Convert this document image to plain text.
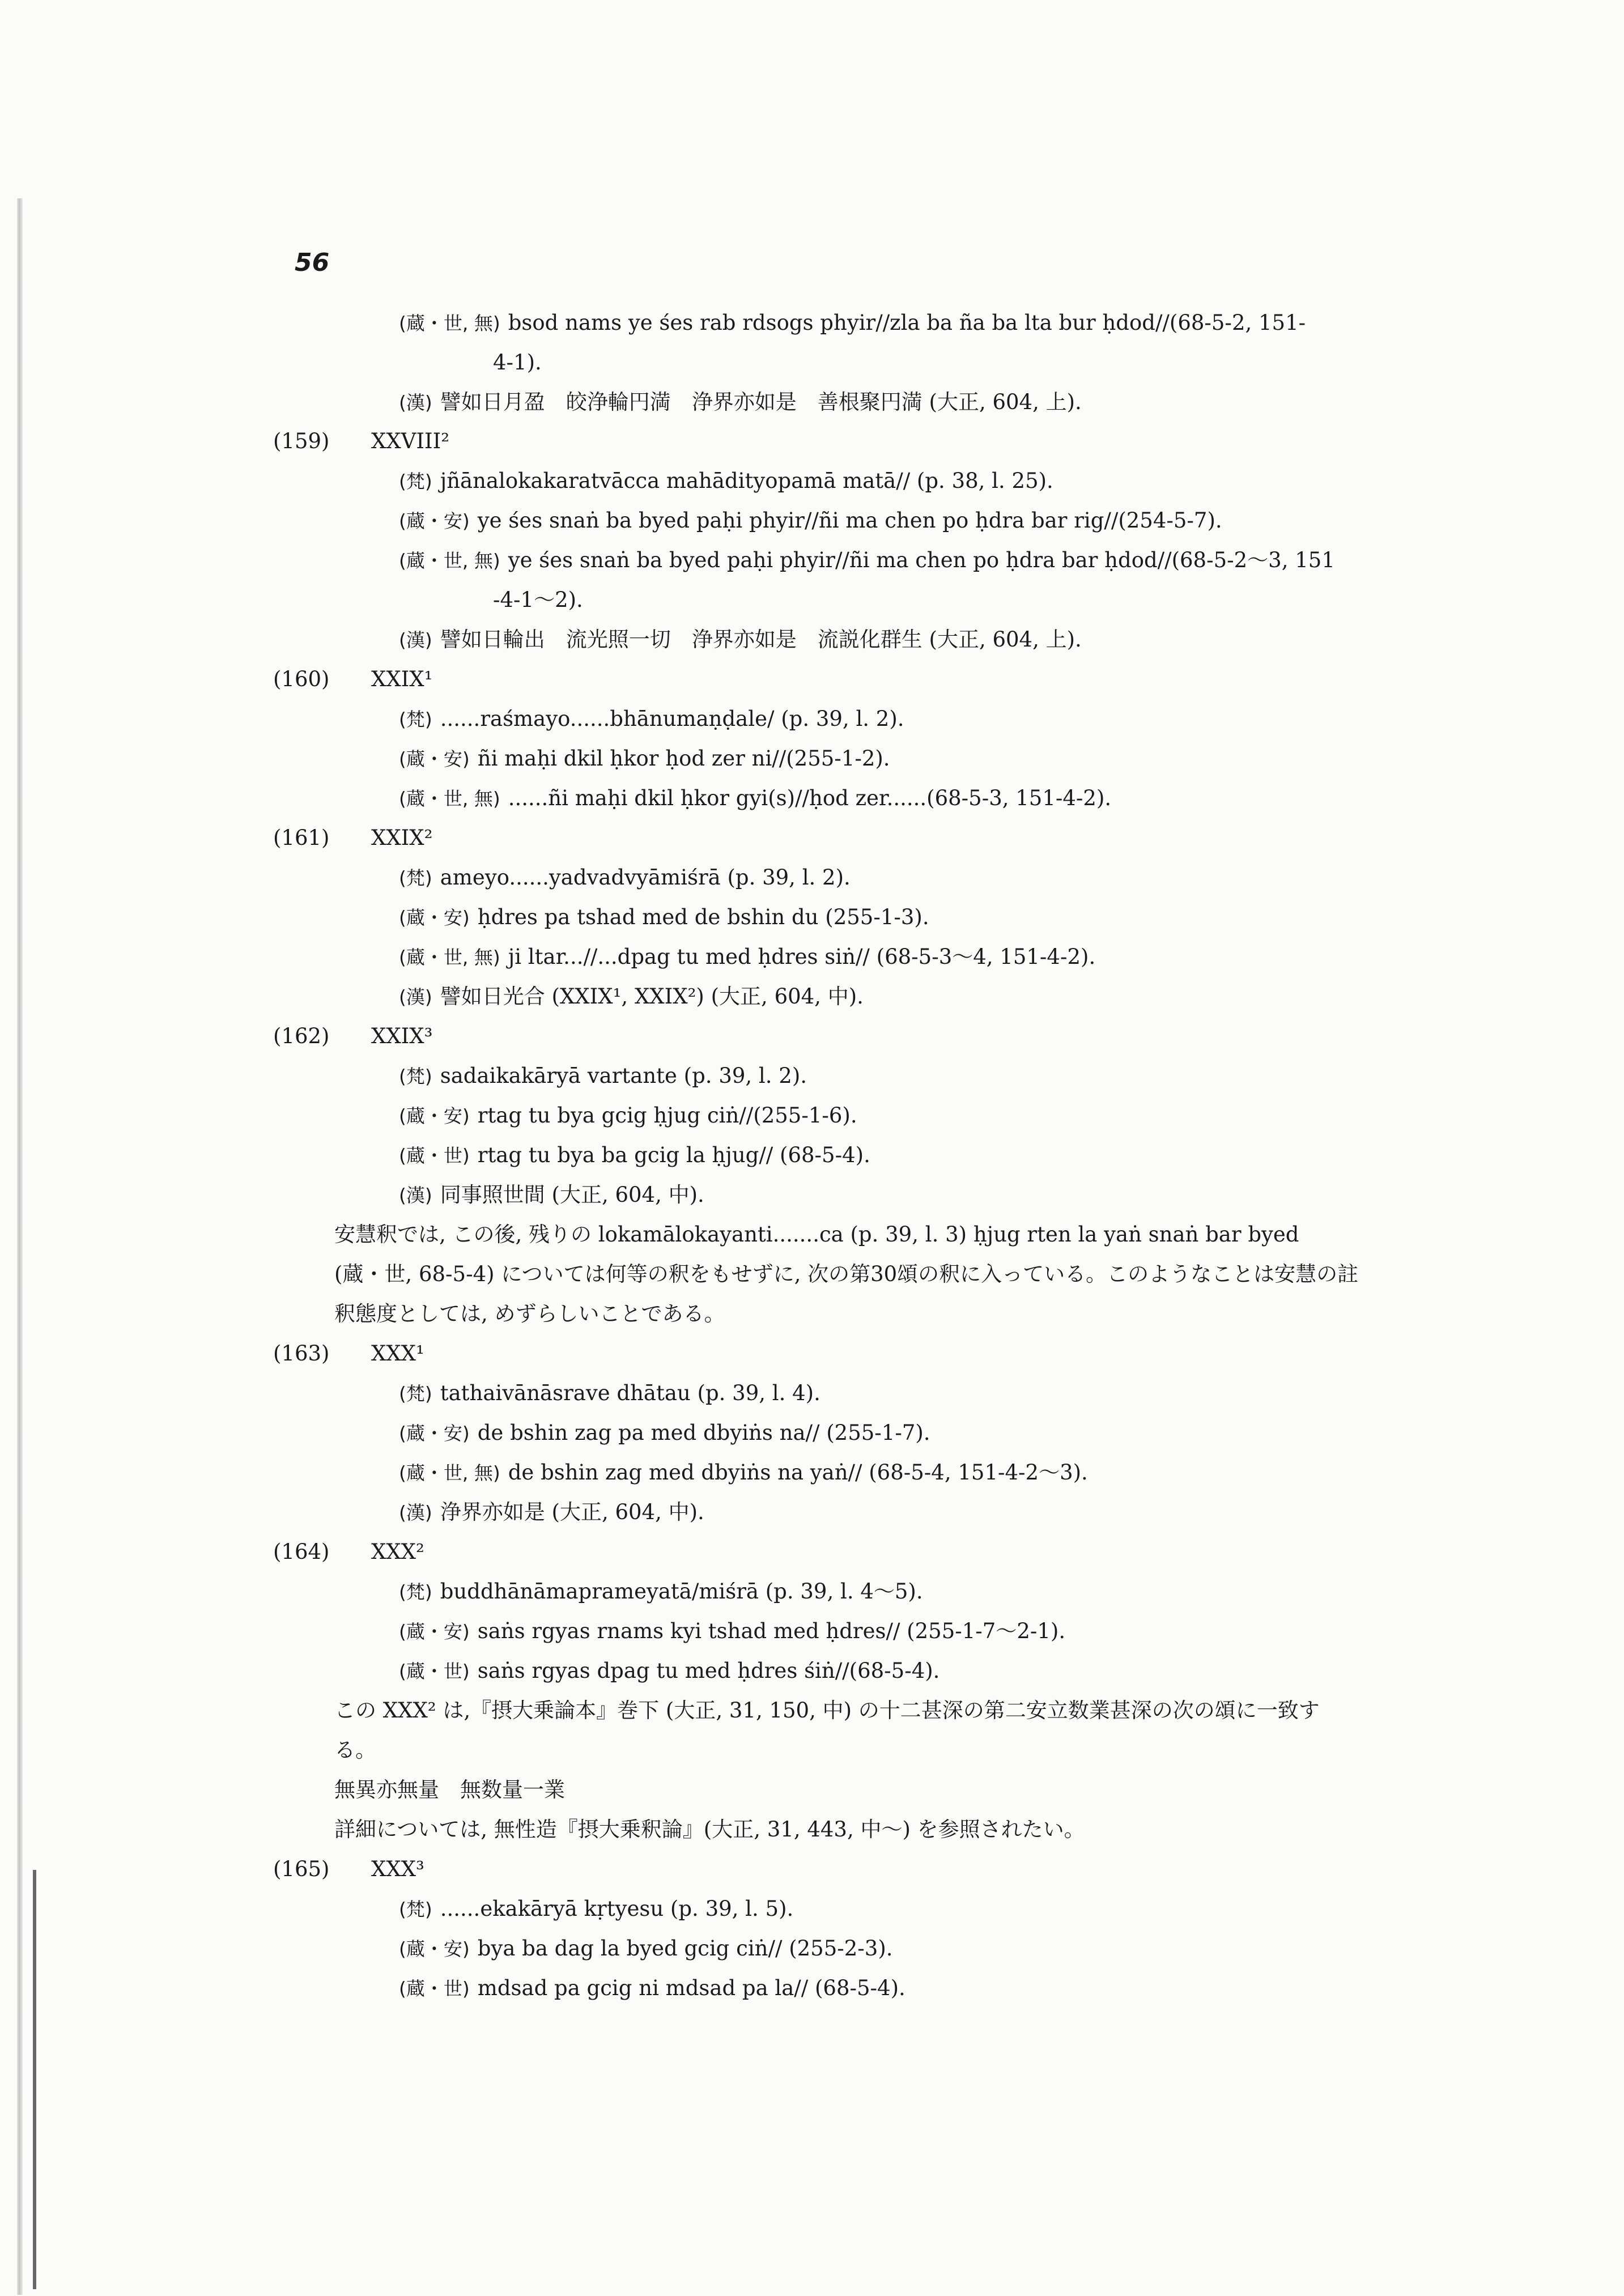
56
(蔵・世, 無) bsod nams ye śes rab rdsogs phyir//zla ba ña ba lta bur ḥdod//(68-5-2, 151-
4-1).
(漢) 譬如日月盈　皎浄輪円満　浄界亦如是　善根聚円満 (大正, 604, 上).
(159) XXVIII²
(梵) jñānalokakaratvācca mahādityopamā matā// (p. 38, l. 25).
(蔵・安) ye śes snaṅ ba byed paḥi phyir//ñi ma chen po ḥdra bar rig//(254-5-7).
(蔵・世, 無) ye śes snaṅ ba byed paḥi phyir//ñi ma chen po ḥdra bar ḥdod//(68-5-2〜3, 151
-4-1〜2).
(漢) 譬如日輪出　流光照一切　浄界亦如是　流説化群生 (大正, 604, 上).
(160) XXIX¹
(梵) ......raśmayo......bhānumaṇḍale/ (p. 39, l. 2).
(蔵・安) ñi maḥi dkil ḥkor ḥod zer ni//(255-1-2).
(蔵・世, 無) ......ñi maḥi dkil ḥkor gyi(s)//ḥod zer......(68-5-3, 151-4-2).
(161) XXIX²
(梵) ameyo......yadvadvyāmiśrā (p. 39, l. 2).
(蔵・安) ḥdres pa tshad med de bshin du (255-1-3).
(蔵・世, 無) ji ltar...//...dpag tu med ḥdres siṅ// (68-5-3〜4, 151-4-2).
(漢) 譬如日光合 (XXIX¹, XXIX²) (大正, 604, 中).
(162) XXIX³
(梵) sadaikakāryā vartante (p. 39, l. 2).
(蔵・安) rtag tu bya gcig ḥjug ciṅ//(255-1-6).
(蔵・世) rtag tu bya ba gcig la ḥjug// (68-5-4).
(漢) 同事照世間 (大正, 604, 中).
安慧釈では, この後, 残りの lokamālokayanti.......ca (p. 39, l. 3) ḥjug rten la yaṅ snaṅ bar byed
(蔵・世, 68-5-4) については何等の釈をもせずに, 次の第30頌の釈に入っている。このようなことは安慧の註
釈態度としては, めずらしいことである。
(163) XXX¹
(梵) tathaivānāsrave dhātau (p. 39, l. 4).
(蔵・安) de bshin zag pa med dbyiṅs na// (255-1-7).
(蔵・世, 無) de bshin zag med dbyiṅs na yaṅ// (68-5-4, 151-4-2〜3).
(漢) 浄界亦如是 (大正, 604, 中).
(164) XXX²
(梵) buddhānāmaprameyatā/miśrā (p. 39, l. 4〜5).
(蔵・安) saṅs rgyas rnams kyi tshad med ḥdres// (255-1-7〜2-1).
(蔵・世) saṅs rgyas dpag tu med ḥdres śiṅ//(68-5-4).
この XXX² は,『摂大乗論本』巻下 (大正, 31, 150, 中) の十二甚深の第二安立数業甚深の次の頌に一致す
る。
無異亦無量　無数量一業
詳細については, 無性造『摂大乗釈論』(大正, 31, 443, 中〜) を参照されたい。
(165) XXX³
(梵) ......ekakāryā kṛtyesu (p. 39, l. 5).
(蔵・安) bya ba dag la byed gcig ciṅ// (255-2-3).
(蔵・世) mdsad pa gcig ni mdsad pa la// (68-5-4).
